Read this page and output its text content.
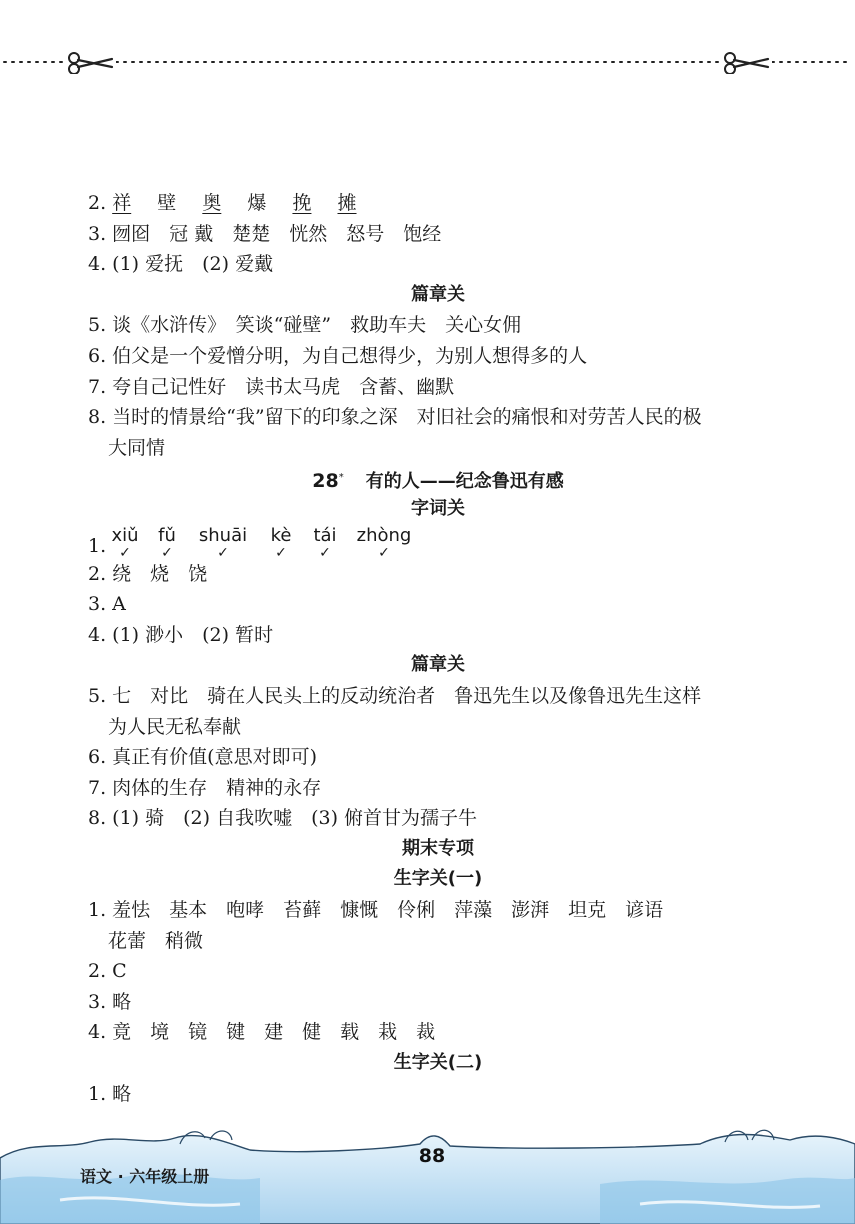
2. 祥 壁 奥 爆 挽 摊
3. 囫囵　冠 戴　楚楚　恍然　怒号　饱经
4. (1) 爱抚　(2) 爱戴
篇章关
5. 谈《水浒传》　笑谈“碰壁”　救助车夫　关心女佣
6. 伯父是一个爱憎分明，为自己想得少，为别人想得多的人
7. 夸自己记性好　读书太马虎　含蓄、幽默
8. 当时的情景给“我”留下的印象之深　对旧社会的痛恨和对劳苦人民的极
大同情
28* 有的人——纪念鲁迅有感
字词关
1. xiǔ
✓
fǔ
✓
shuāi
✓
kè
✓
tái
✓
zhòng
✓
2. 绕　烧　饶
3. A
4. (1) 渺小　(2) 暂时
篇章关
5. 七　对比　骑在人民头上的反动统治者　鲁迅先生以及像鲁迅先生这样
为人民无私奉献
6. 真正有价值(意思对即可)
7. 肉体的生存　精神的永存
8. (1) 骑　(2) 自我吹嘘　(3) 俯首甘为孺子牛
期末专项
生字关(一)
1. 羞怯　基本　咆哮　苔藓　慷慨　伶俐　萍藻　澎湃　坦克　谚语
花蕾　稍微
2. C
3. 略
4. 竟　境　镜　键　建　健　载　栽　裁
生字关(二)
1. 略
语文 · 六年级上册
88
